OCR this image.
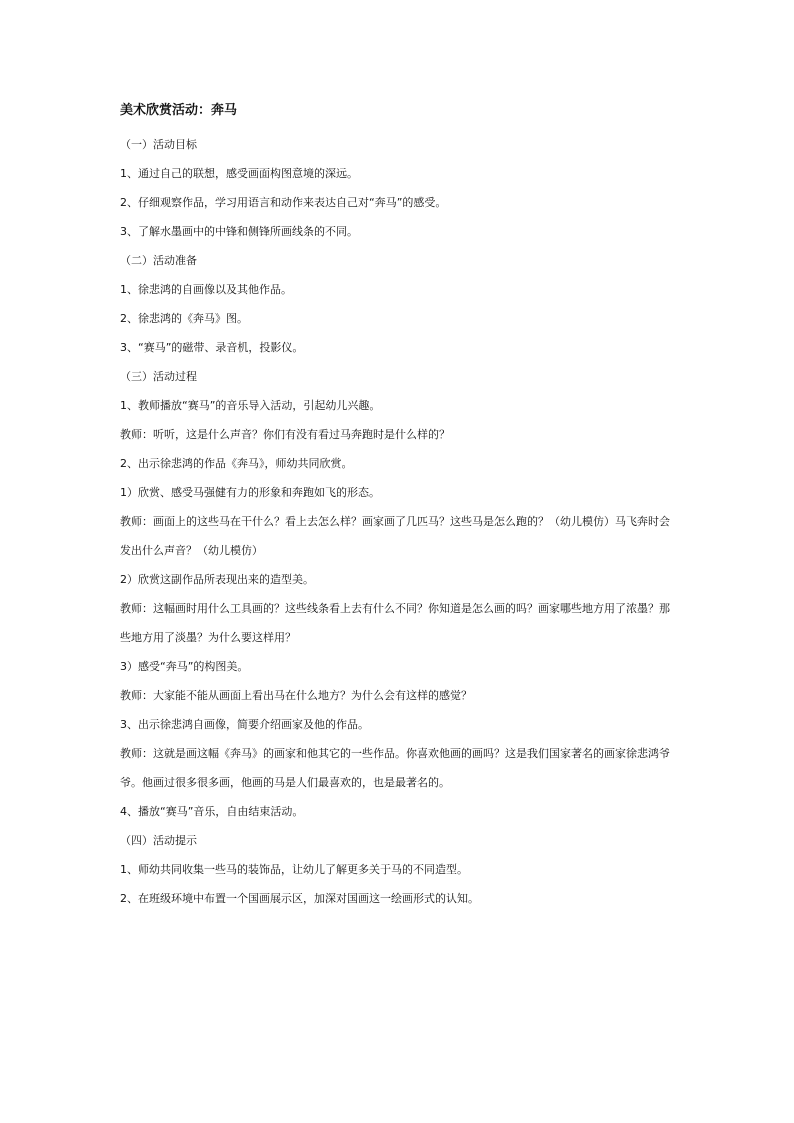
美术欣赏活动：奔马

（一）活动目标

1、通过自己的联想，感受画面构图意境的深远。

2、仔细观察作品，学习用语言和动作来表达自己对“奔马”的感受。

3、了解水墨画中的中锋和侧锋所画线条的不同。

（二）活动准备

1、徐悲鸿的自画像以及其他作品。

2、徐悲鸿的《奔马》图。

3、“赛马”的磁带、录音机，投影仪。

（三）活动过程

1、教师播放“赛马”的音乐导入活动，引起幼儿兴趣。

教师：听听，这是什么声音？你们有没有看过马奔跑时是什么样的？

2、出示徐悲鸿的作品《奔马》，师幼共同欣赏。

1）欣赏、感受马强健有力的形象和奔跑如飞的形态。

教师：画面上的这些马在干什么？看上去怎么样？画家画了几匹马？这些马是怎么跑的？（幼儿模仿）马飞奔时会发出什么声音？（幼儿模仿）

2）欣赏这副作品所表现出来的造型美。

教师：这幅画时用什么工具画的？这些线条看上去有什么不同？你知道是怎么画的吗？画家哪些地方用了浓墨？那些地方用了淡墨？为什么要这样用？

3）感受“奔马”的构图美。

教师：大家能不能从画面上看出马在什么地方？为什么会有这样的感觉？

3、出示徐悲鸿自画像，简要介绍画家及他的作品。

教师：这就是画这幅《奔马》的画家和他其它的一些作品。你喜欢他画的画吗？这是我们国家著名的画家徐悲鸿爷爷。他画过很多很多画，他画的马是人们最喜欢的，也是最著名的。

4、播放“赛马”音乐，自由结束活动。

（四）活动提示

1、师幼共同收集一些马的装饰品，让幼儿了解更多关于马的不同造型。

2、在班级环境中布置一个国画展示区，加深对国画这一绘画形式的认知。
